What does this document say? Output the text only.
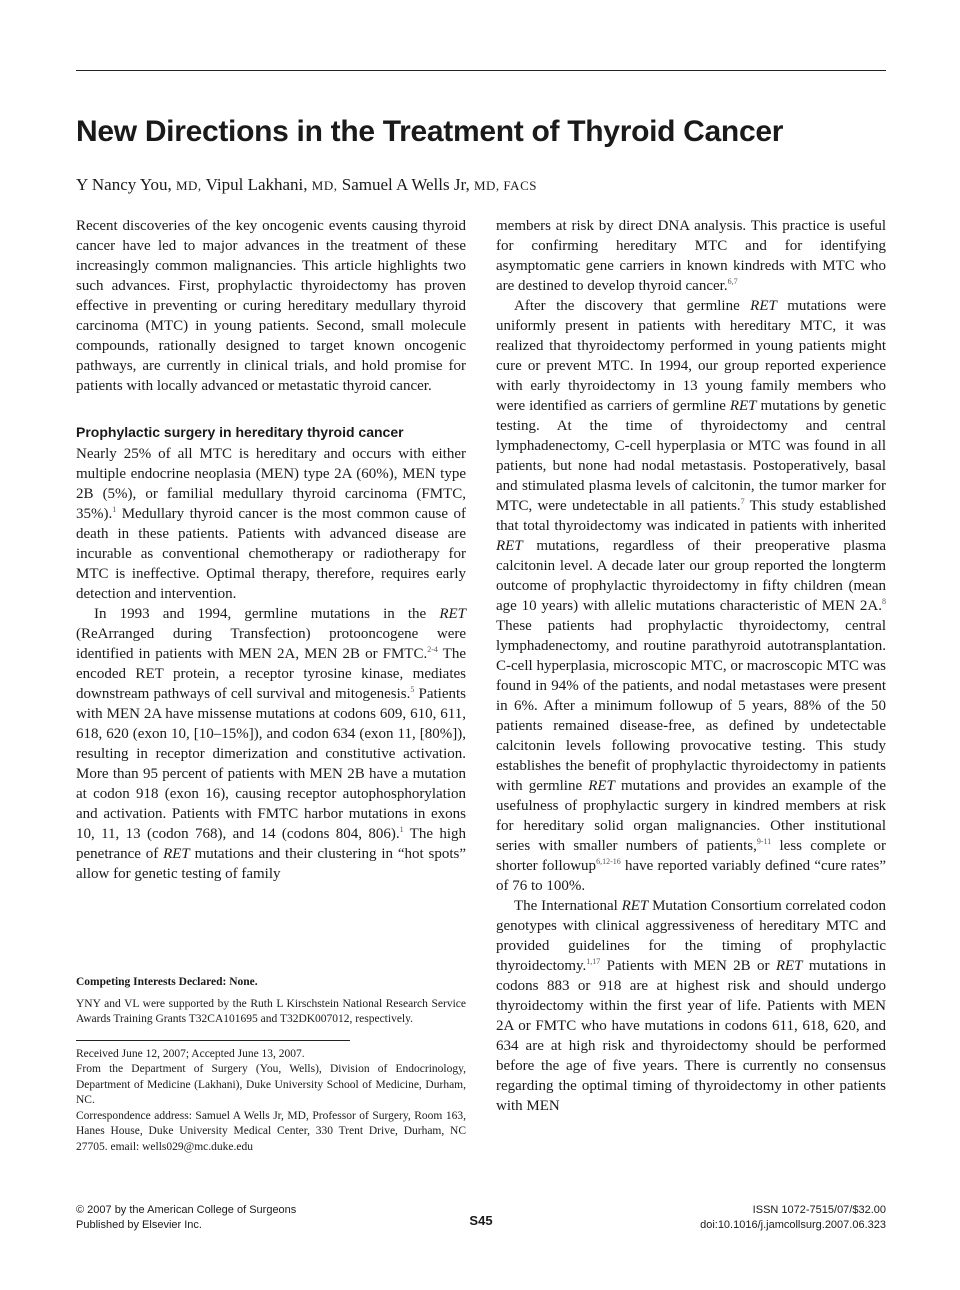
New Directions in the Treatment of Thyroid Cancer
Y Nancy You, MD, Vipul Lakhani, MD, Samuel A Wells Jr, MD, FACS

Recent discoveries of the key oncogenic events causing thyroid cancer have led to major advances in the treatment of these increasingly common malignancies. This article highlights two such advances. First, prophylactic thyroidectomy has proven effective in preventing or curing hereditary medullary thyroid carcinoma (MTC) in young patients. Second, small molecule compounds, rationally designed to target known oncogenic pathways, are currently in clinical trials, and hold promise for patients with locally advanced or metastatic thyroid cancer.

Prophylactic surgery in hereditary thyroid cancer

Nearly 25% of all MTC is hereditary and occurs with either multiple endocrine neoplasia (MEN) type 2A (60%), MEN type 2B (5%), or familial medullary thyroid carcinoma (FMTC, 35%).$^1$ Medullary thyroid cancer is the most common cause of death in these patients. Patients with advanced disease are incurable as conventional chemotherapy or radiotherapy for MTC is ineffective. Optimal therapy, therefore, requires early detection and intervention.

In 1993 and 1994, germline mutations in the RET (ReArranged during Transfection) protooncogene were identified in patients with MEN 2A, MEN 2B or FMTC.$^{2-4}$ The encoded RET protein, a receptor tyrosine kinase, mediates downstream pathways of cell survival and mitogenesis.$^5$ Patients with MEN 2A have missense mutations at codons 609, 610, 611, 618, 620 (exon 10, [10–15%]), and codon 634 (exon 11, [80%]), resulting in receptor dimerization and constitutive activation. More than 95 percent of patients with MEN 2B have a mutation at codon 918 (exon 16), causing receptor autophosphorylation and activation. Patients with FMTC harbor mutations in exons 10, 11, 13 (codon 768), and 14 (codons 804, 806).$^1$ The high penetrance of RET mutations and their clustering in “hot spots” allow for genetic testing of family

members at risk by direct DNA analysis. This practice is useful for confirming hereditary MTC and for identifying asymptomatic gene carriers in known kindreds with MTC who are destined to develop thyroid cancer.$^{6,7}$

After the discovery that germline RET mutations were uniformly present in patients with hereditary MTC, it was realized that thyroidectomy performed in young patients might cure or prevent MTC. In 1994, our group reported experience with early thyroidectomy in 13 young family members who were identified as carriers of germline RET mutations by genetic testing. At the time of thyroidectomy and central lymphadenectomy, C-cell hyperplasia or MTC was found in all patients, but none had nodal metastasis. Postoperatively, basal and stimulated plasma levels of calcitonin, the tumor marker for MTC, were undetectable in all patients.$^7$ This study established that total thyroidectomy was indicated in patients with inherited RET mutations, regardless of their preoperative plasma calcitonin level. A decade later our group reported the longterm outcome of prophylactic thyroidectomy in fifty children (mean age 10 years) with allelic mutations characteristic of MEN 2A.$^8$ These patients had prophylactic thyroidectomy, central lymphadenectomy, and routine parathyroid autotransplantation. C-cell hyperplasia, microscopic MTC, or macroscopic MTC was found in 94% of the patients, and nodal metastases were present in 6%. After a minimum followup of 5 years, 88% of the 50 patients remained disease-free, as defined by undetectable calcitonin levels following provocative testing. This study establishes the benefit of prophylactic thyroidectomy in patients with germline RET mutations and provides an example of the usefulness of prophylactic surgery in kindred members at risk for hereditary solid organ malignancies. Other institutional series with smaller numbers of patients,$^{9-11}$ less complete or shorter followup$^{6,12-16}$ have reported variably defined “cure rates” of 76 to 100%.

The International RET Mutation Consortium correlated codon genotypes with clinical aggressiveness of hereditary MTC and provided guidelines for the timing of prophylactic thyroidectomy.$^{1,17}$ Patients with MEN 2B or RET mutations in codons 883 or 918 are at highest risk and should undergo thyroidectomy within the first year of life. Patients with MEN 2A or FMTC who have mutations in codons 611, 618, 620, and 634 are at high risk and thyroidectomy should be performed before the age of five years. There is currently no consensus regarding the optimal timing of thyroidectomy in other patients with MEN

Competing Interests Declared: None.

YNY and VL were supported by the Ruth L Kirschstein National Research Service Awards Training Grants T32CA101695 and T32DK007012, respectively.

Received June 12, 2007; Accepted June 13, 2007.

From the Department of Surgery (You, Wells), Division of Endocrinology, Department of Medicine (Lakhani), Duke University School of Medicine, Durham, NC.

Correspondence address: Samuel A Wells Jr, MD, Professor of Surgery, Room 163, Hanes House, Duke University Medical Center, 330 Trent Drive, Durham, NC 27705. email: wells029@mc.duke.edu

© 2007 by the American College of Surgeons
Published by Elsevier Inc.	S45
ISSN 1072-7515/07/$32.00
doi:10.1016/j.jamcollsurg.2007.06.323
